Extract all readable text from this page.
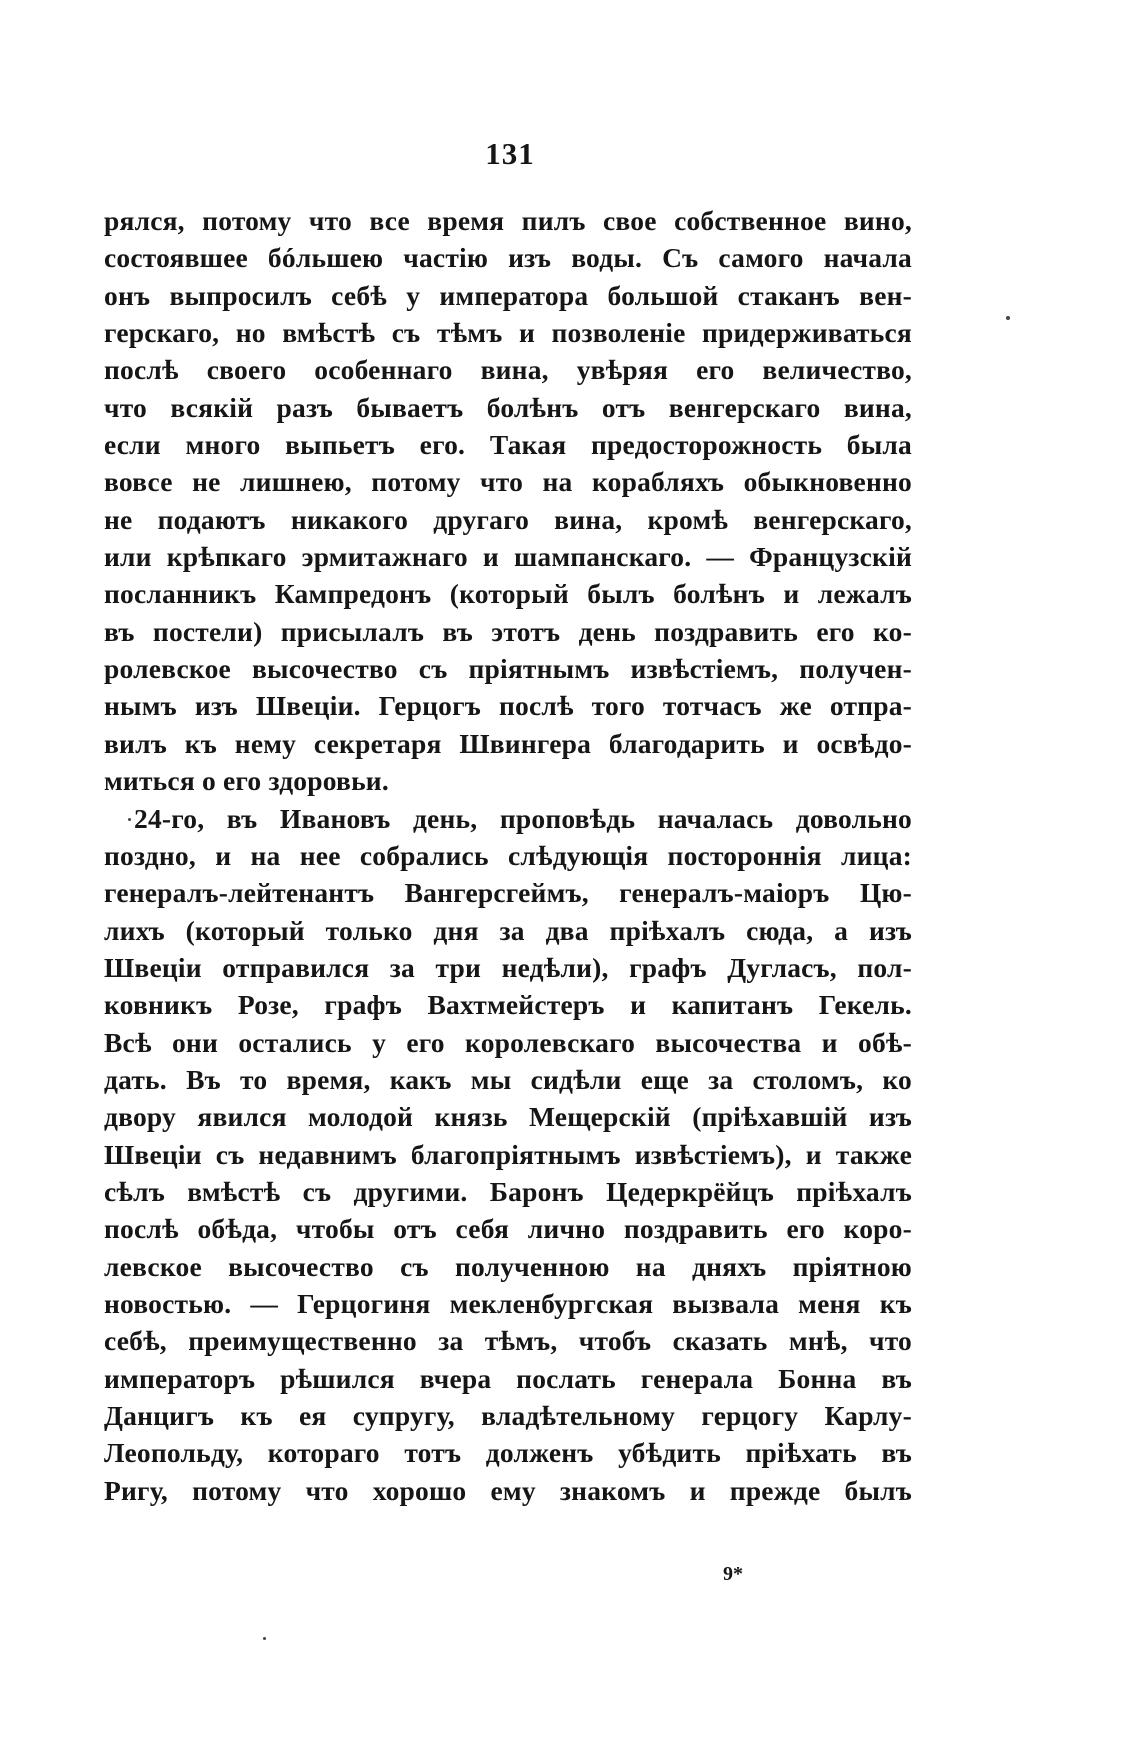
131
рялся, потому что все время пилъ свое собственное вино,
состоявшее бóльшею частію изъ воды. Съ самого начала
онъ выпросилъ себѣ у императора большой стаканъ вен-
герскаго, но вмѣстѣ съ тѣмъ и позволеніе придерживаться
послѣ своего особеннаго вина, увѣряя его величество,
что всякій разъ бываетъ болѣнъ отъ венгерскаго вина,
если много выпьетъ его. Такая предосторожность была
вовсе не лишнею, потому что на корабляхъ обыкновенно
не подаютъ никакого другаго вина, кромѣ венгерскаго,
или крѣпкаго эрмитажнаго и шампанскаго. — Французскій
посланникъ Кампредонъ (который былъ болѣнъ и лежалъ
въ постели) присылалъ въ этотъ день поздравить его ко-
ролевское высочество съ пріятнымъ извѣстіемъ, получен-
нымъ изъ Швеціи. Герцогъ послѣ того тотчасъ же отпра-
вилъ къ нему секретаря Швингера благодарить и освѣдо-
миться о его здоровьи.
24-го, въ Ивановъ день, проповѣдь началась довольно
поздно, и на нее собрались слѣдующія постороннія лица:
генералъ-лейтенантъ Вангерсгеймъ, генералъ-маіоръ Цю-
лихъ (который только дня за два пріѣхалъ сюда, а изъ
Швеціи отправился за три недѣли), графъ Дугласъ, пол-
ковникъ Розе, графъ Вахтмейстеръ и капитанъ Гекель.
Всѣ они остались у его королевскаго высочества и обѣ-
дать. Въ то время, какъ мы сидѣли еще за столомъ, ко
двору явился молодой князь Мещерскій (пріѣхавшій изъ
Швеціи съ недавнимъ благопріятнымъ извѣстіемъ), и также
сѣлъ вмѣстѣ съ другими. Баронъ Цедеркрёйцъ пріѣхалъ
послѣ обѣда, чтобы отъ себя лично поздравить его коро-
левское высочество съ полученною на дняхъ пріятною
новостью. — Герцогиня мекленбургская вызвала меня къ
себѣ, преимущественно за тѣмъ, чтобъ сказать мнѣ, что
императоръ рѣшился вчера послать генерала Бонна въ
Данцигъ къ ея супругу, владѣтельному герцогу Карлу-
Леопольду, котораго тотъ долженъ убѣдить пріѣхать въ
Ригу, потому что хорошо ему знакомъ и прежде былъ
9*
